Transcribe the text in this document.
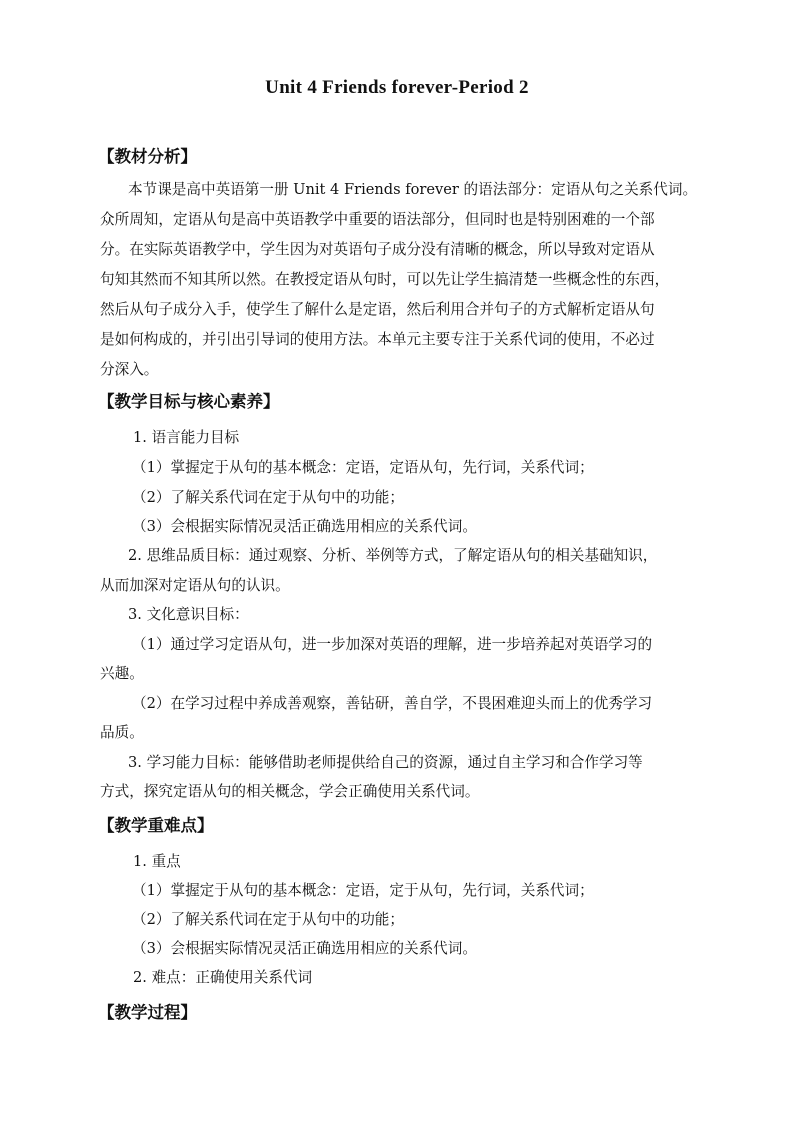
Unit 4 Friends forever-Period 2
【教材分析】
本节课是高中英语第一册 Unit 4 Friends forever 的语法部分：定语从句之关系代词。
众所周知，定语从句是高中英语教学中重要的语法部分，但同时也是特别困难的一个部
分。在实际英语教学中，学生因为对英语句子成分没有清晰的概念，所以导致对定语从
句知其然而不知其所以然。在教授定语从句时，可以先让学生搞清楚一些概念性的东西，
然后从句子成分入手，使学生了解什么是定语，然后利用合并句子的方式解析定语从句
是如何构成的，并引出引导词的使用方法。本单元主要专注于关系代词的使用，不必过
分深入。
【教学目标与核心素养】
1. 语言能力目标
（1）掌握定于从句的基本概念：定语，定语从句，先行词，关系代词；
（2）了解关系代词在定于从句中的功能；
（3）会根据实际情况灵活正确选用相应的关系代词。
2. 思维品质目标：通过观察、分析、举例等方式，了解定语从句的相关基础知识，
从而加深对定语从句的认识。
3. 文化意识目标：
（1）通过学习定语从句，进一步加深对英语的理解，进一步培养起对英语学习的
兴趣。
（2）在学习过程中养成善观察，善钻研，善自学，不畏困难迎头而上的优秀学习
品质。
3. 学习能力目标：能够借助老师提供给自己的资源，通过自主学习和合作学习等
方式，探究定语从句的相关概念，学会正确使用关系代词。
【教学重难点】
1. 重点
（1）掌握定于从句的基本概念：定语，定于从句，先行词，关系代词；
（2）了解关系代词在定于从句中的功能；
（3）会根据实际情况灵活正确选用相应的关系代词。
2. 难点：正确使用关系代词
【教学过程】
